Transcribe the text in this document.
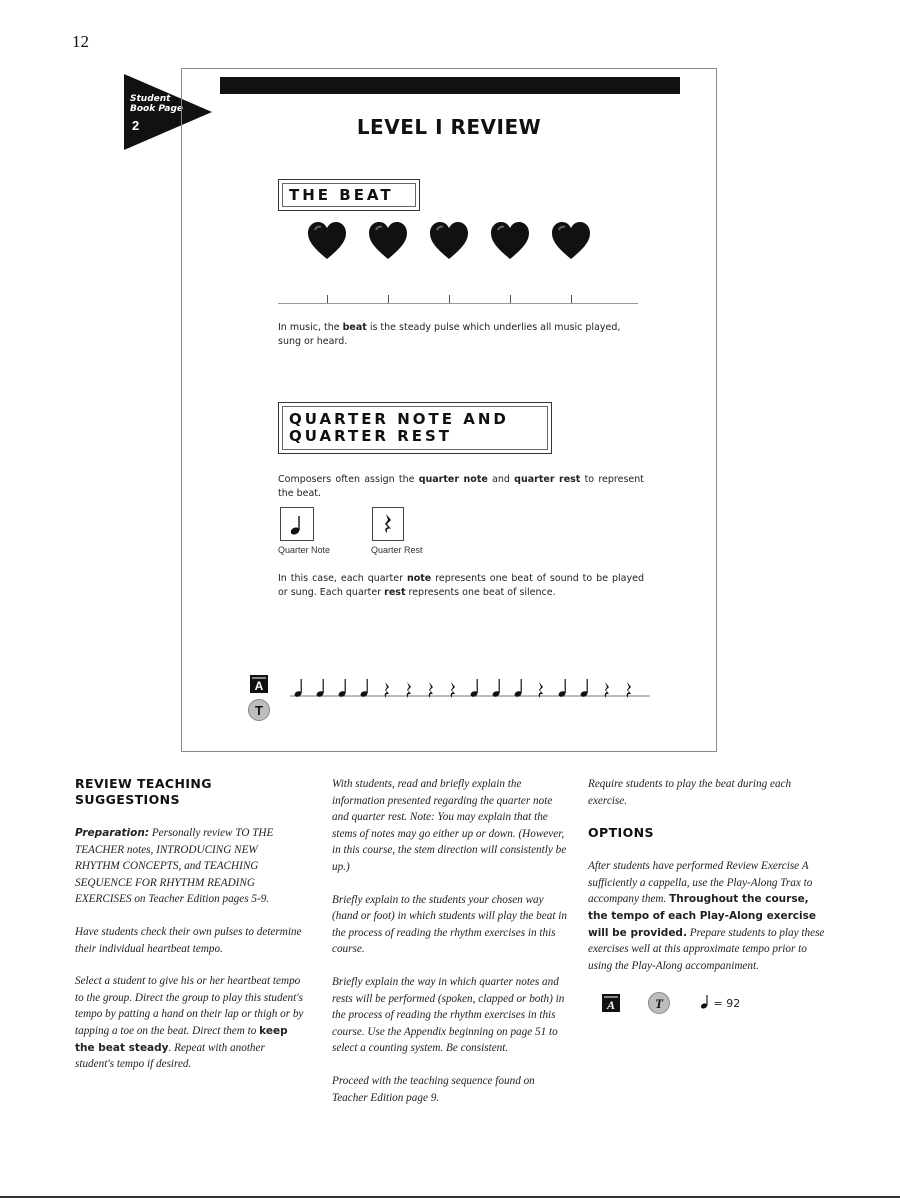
12
Student
Book Page
2	LEVEL I REVIEW
THE BEAT
In music, the beat is the steady pulse which underlies all music played, sung or heard.
QUARTER NOTE AND
QUARTER REST
Composers often assign the quarter note and quarter rest to represent the beat.
Quarter Note	Quarter Rest
In this case, each quarter note represents one beat of sound to be played or sung. Each quarter rest represents one beat of silence.
A
T
REVIEW TEACHING SUGGESTIONS

Preparation: Personally review TO THE TEACHER notes, INTRODUCING NEW RHYTHM CONCEPTS, and TEACHING SEQUENCE FOR RHYTHM READING EXERCISES on Teacher Edition pages 5-9.

Have students check their own pulses to determine their individual heartbeat tempo.

Select a student to give his or her heartbeat tempo to the group. Direct the group to play this student's tempo by patting a hand on their lap or thigh or by tapping a toe on the beat. Direct them to keep the beat steady. Repeat with another student's tempo if desired.

With students, read and briefly explain the information presented regarding the quarter note and quarter rest. Note: You may explain that the stems of notes may go either up or down. (However, in this course, the stem direction will consistently be up.)

Briefly explain to the students your chosen way (hand or foot) in which students will play the beat in the process of reading the rhythm exercises in this course.

Briefly explain the way in which quarter notes and rests will be performed (spoken, clapped or both) in the process of reading the rhythm exercises in this course. Use the Appendix beginning on page 51 to select a counting system. Be consistent.

Proceed with the teaching sequence found on Teacher Edition page 9.

Require students to play the beat during each exercise.

OPTIONS

After students have performed Review Exercise A sufficiently a cappella, use the Play-Along Trax to accompany them. Throughout the course, the tempo of each Play-Along exercise will be provided. Prepare students to play these exercises well at this approximate tempo prior to using the Play-Along accompaniment.

A	T	= 92
